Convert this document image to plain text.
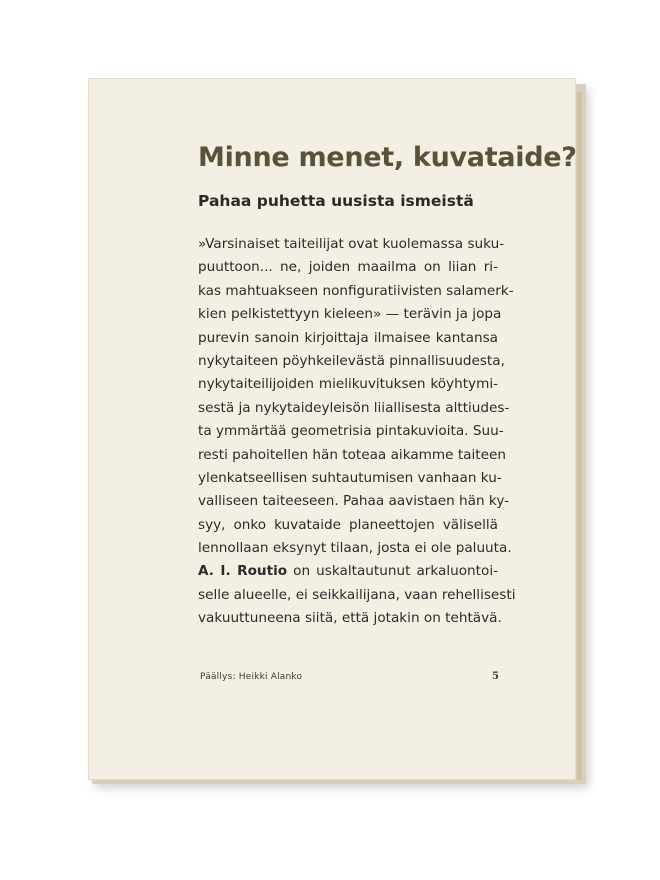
Minne menet, kuvataide?
Pahaa puhetta uusista ismeistä
»Varsinaiset taiteilijat ovat kuolemassa suku-
puuttoon... ne, joiden maailma on liian ri-
kas mahtuakseen nonfiguratiivisten salamerk-
kien pelkistettyyn kieleen» — terävin ja jopa
purevin sanoin kirjoittaja ilmaisee kantansa
nykytaiteen pöyhkeilevästä pinnallisuudesta,
nykytaiteilijoiden mielikuvituksen köyhtymi-
sestä ja nykytaideyleisön liiallisesta alttiudes-
ta ymmärtää geometrisia pintakuvioita. Suu-
resti pahoitellen hän toteaa aikamme taiteen
ylenkatseellisen suhtautumisen vanhaan ku-
valliseen taiteeseen. Pahaa aavistaen hän ky-
syy, onko kuvataide planeettojen välisellä
lennollaan eksynyt tilaan, josta ei ole paluuta.
A. I. Routio on uskaltautunut arkaluontoi-
selle alueelle, ei seikkailijana, vaan rehellisesti
vakuuttuneena siitä, että jotakin on tehtävä.
Päällys: Heikki Alanko	5
